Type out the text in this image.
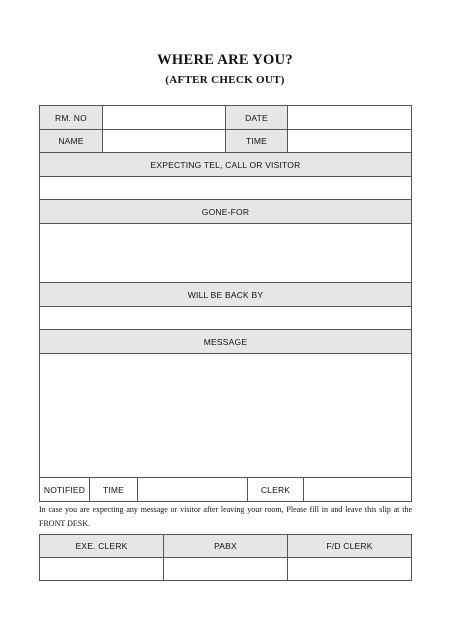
WHERE ARE YOU?
(AFTER CHECK OUT)
RM. NO	DATE
NAME	TIME
EXPECTING TEL, CALL OR VISITOR
GONE-FOR
WILL BE BACK BY
MESSAGE
NOTIFIED	TIME	CLERK
In case you are expecting any message or visitor after leaving your room, Please fill in and leave this slip at the FRONT DESK.
EXE. CLERK	PABX	F/D CLERK
